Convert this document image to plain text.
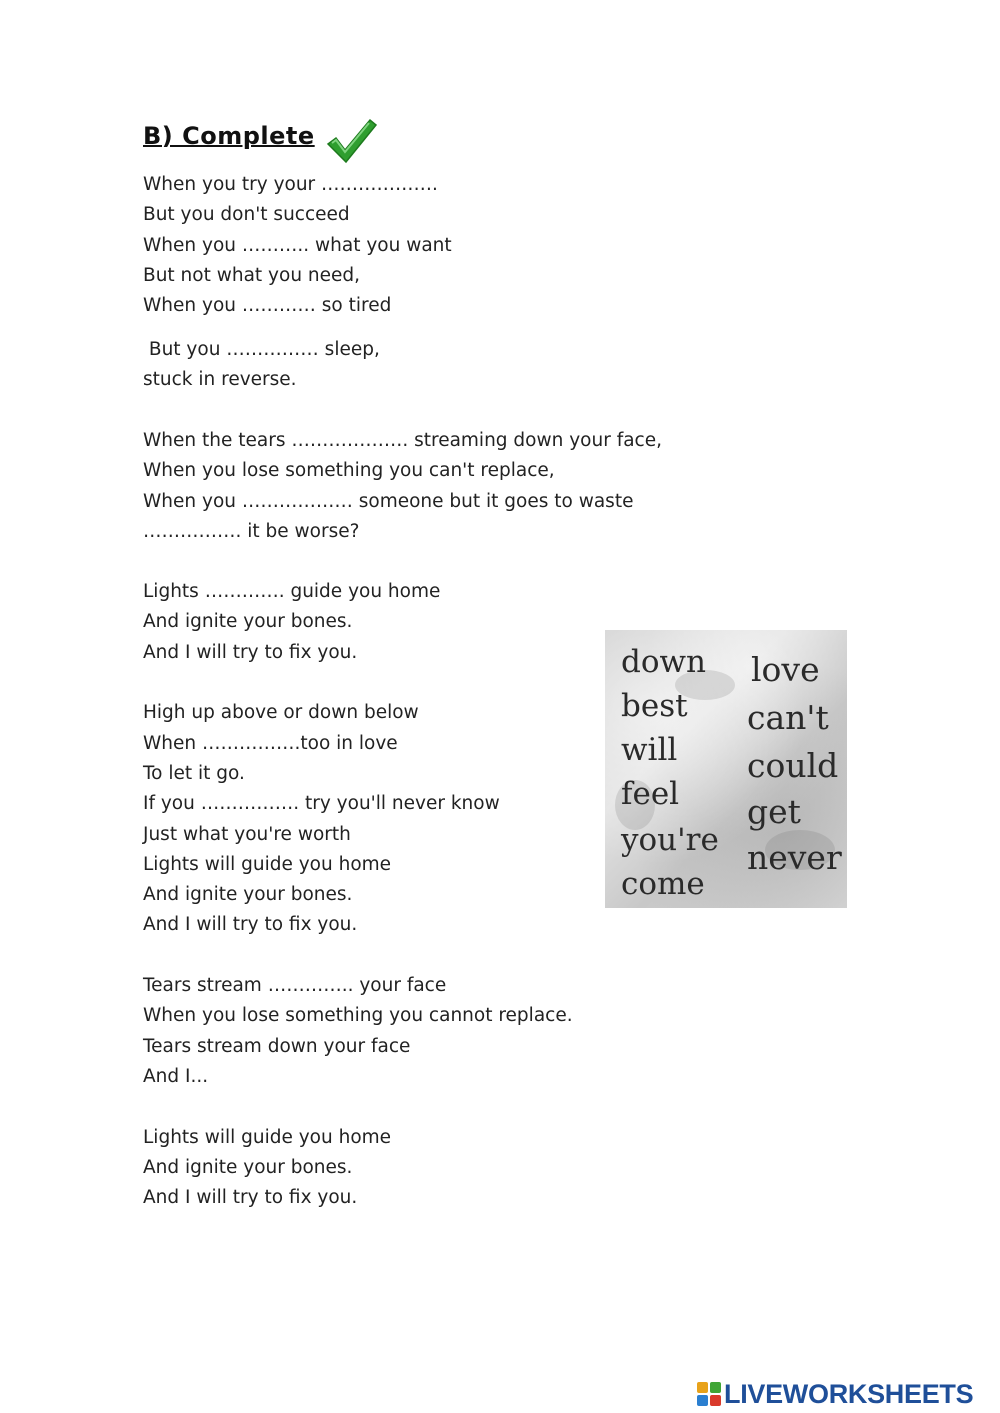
B) Complete
When you try your ……………….
But you don't succeed
When you ……….. what you want
But not what you need,
When you ………… so tired
But you …………… sleep,
stuck in reverse.
When the tears ………………. streaming down your face,
When you lose something you can't replace,
When you ……………… someone but it goes to waste
……………. it be worse?
Lights …………. guide you home
And ignite your bones.
And I will try to fix you.
High up above or down below
When …………….too in love
To let it go.
If you ……………. try you'll never know
Just what you're worth
Lights will guide you home
And ignite your bones.
And I will try to fix you.
Tears stream ………….. your face
When you lose something you cannot replace.
Tears stream down your face
And I...
Lights will guide you home
And ignite your bones.
And I will try to fix you.
down
best
will
feel
you're
come
love
can't
could
get
never
LIVEWORKSHEETS
